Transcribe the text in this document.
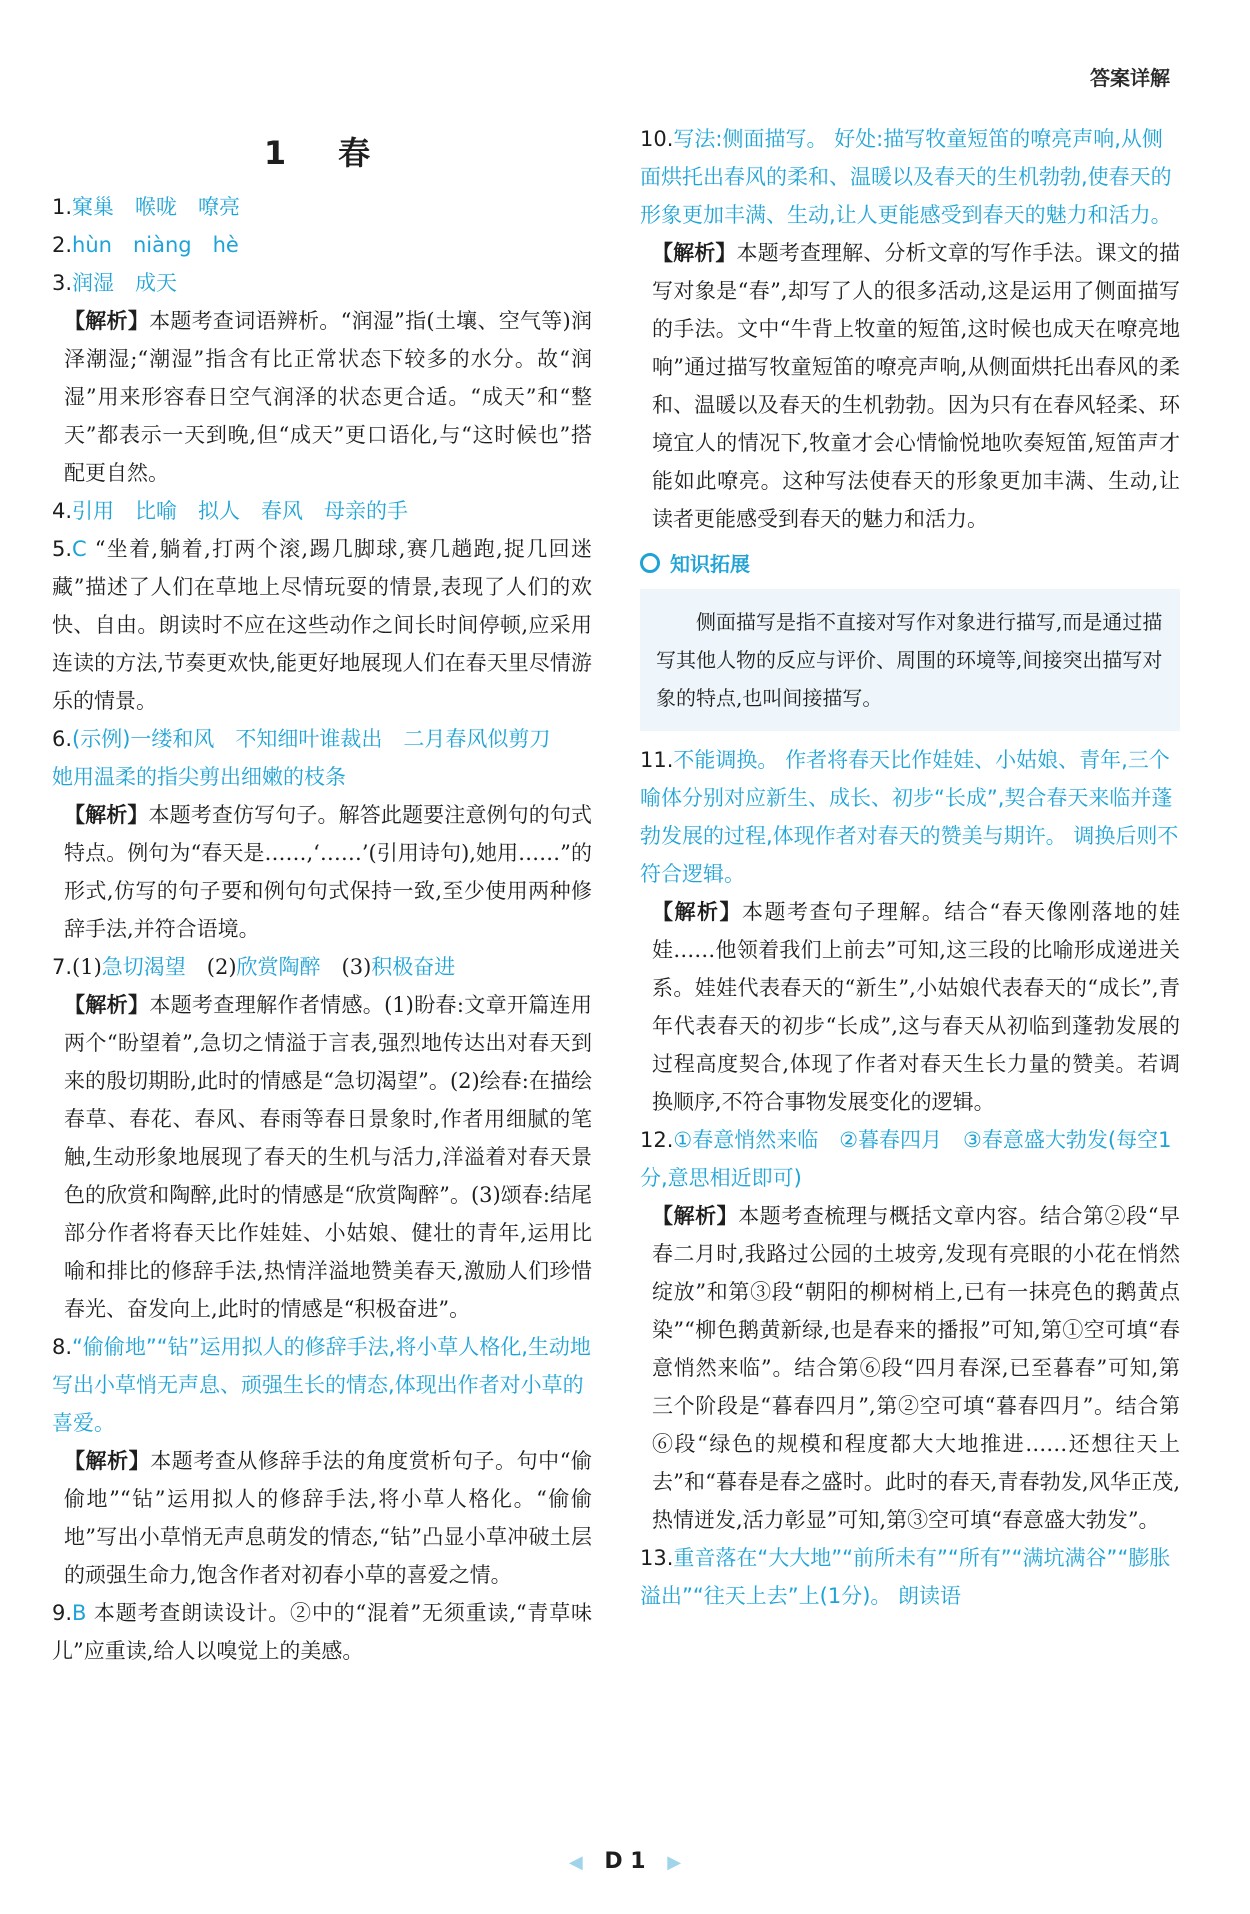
答案详解
1　春

1.窠巢　喉咙　嘹亮

2.hùn　niàng　hè

3.润湿　成天

【解析】本题考查词语辨析。“润湿”指(土壤、空气等)润泽潮湿;“潮湿”指含有比正常状态下较多的水分。故“润湿”用来形容春日空气润泽的状态更合适。“成天”和“整天”都表示一天到晚,但“成天”更口语化,与“这时候也”搭配更自然。

4.引用　比喻　拟人　春风　母亲的手

5.C “坐着,躺着,打两个滚,踢几脚球,赛几趟跑,捉几回迷藏”描述了人们在草地上尽情玩耍的情景,表现了人们的欢快、自由。朗读时不应在这些动作之间长时间停顿,应采用连读的方法,节奏更欢快,能更好地展现人们在春天里尽情游乐的情景。

6.(示例)一缕和风　不知细叶谁裁出　二月春风似剪刀　她用温柔的指尖剪出细嫩的枝条

【解析】本题考查仿写句子。解答此题要注意例句的句式特点。例句为“春天是……,‘……’(引用诗句),她用……”的形式,仿写的句子要和例句句式保持一致,至少使用两种修辞手法,并符合语境。

7.(1)急切渴望　(2)欣赏陶醉　(3)积极奋进

【解析】本题考查理解作者情感。(1)盼春:文章开篇连用两个“盼望着”,急切之情溢于言表,强烈地传达出对春天到来的殷切期盼,此时的情感是“急切渴望”。(2)绘春:在描绘春草、春花、春风、春雨等春日景象时,作者用细腻的笔触,生动形象地展现了春天的生机与活力,洋溢着对春天景色的欣赏和陶醉,此时的情感是“欣赏陶醉”。(3)颂春:结尾部分作者将春天比作娃娃、小姑娘、健壮的青年,运用比喻和排比的修辞手法,热情洋溢地赞美春天,激励人们珍惜春光、奋发向上,此时的情感是“积极奋进”。

8.“偷偷地”“钻”运用拟人的修辞手法,将小草人格化,生动地写出小草悄无声息、顽强生长的情态,体现出作者对小草的喜爱。

【解析】本题考查从修辞手法的角度赏析句子。句中“偷偷地”“钻”运用拟人的修辞手法,将小草人格化。“偷偷地”写出小草悄无声息萌发的情态,“钻”凸显小草冲破土层的顽强生命力,饱含作者对初春小草的喜爱之情。

9.B 本题考查朗读设计。②中的“混着”无须重读,“青草味儿”应重读,给人以嗅觉上的美感。

10.写法:侧面描写。 好处:描写牧童短笛的嘹亮声响,从侧面烘托出春风的柔和、温暖以及春天的生机勃勃,使春天的形象更加丰满、生动,让人更能感受到春天的魅力和活力。

【解析】本题考查理解、分析文章的写作手法。课文的描写对象是“春”,却写了人的很多活动,这是运用了侧面描写的手法。文中“牛背上牧童的短笛,这时候也成天在嘹亮地响”通过描写牧童短笛的嘹亮声响,从侧面烘托出春风的柔和、温暖以及春天的生机勃勃。因为只有在春风轻柔、环境宜人的情况下,牧童才会心情愉悦地吹奏短笛,短笛声才能如此嘹亮。这种写法使春天的形象更加丰满、生动,让读者更能感受到春天的魅力和活力。
知识拓展
侧面描写是指不直接对写作对象进行描写,而是通过描写其他人物的反应与评价、周围的环境等,间接突出描写对象的特点,也叫间接描写。

11.不能调换。 作者将春天比作娃娃、小姑娘、青年,三个喻体分别对应新生、成长、初步“长成”,契合春天来临并蓬勃发展的过程,体现作者对春天的赞美与期许。 调换后则不符合逻辑。

【解析】本题考查句子理解。结合“春天像刚落地的娃娃……他领着我们上前去”可知,这三段的比喻形成递进关系。娃娃代表春天的“新生”,小姑娘代表春天的“成长”,青年代表春天的初步“长成”,这与春天从初临到蓬勃发展的过程高度契合,体现了作者对春天生长力量的赞美。若调换顺序,不符合事物发展变化的逻辑。

12.①春意悄然来临　②暮春四月　③春意盛大勃发(每空1分,意思相近即可)

【解析】本题考查梳理与概括文章内容。结合第②段“早春二月时,我路过公园的土坡旁,发现有亮眼的小花在悄然绽放”和第③段“朝阳的柳树梢上,已有一抹亮色的鹅黄点染”“柳色鹅黄新绿,也是春来的播报”可知,第①空可填“春意悄然来临”。结合第⑥段“四月春深,已至暮春”可知,第三个阶段是“暮春四月”,第②空可填“暮春四月”。结合第⑥段“绿色的规模和程度都大大地推进……还想往天上去”和“暮春是春之盛时。此时的春天,青春勃发,风华正茂,热情迸发,活力彰显”可知,第③空可填“春意盛大勃发”。

13.重音落在“大大地”“前所未有”“所有”“满坑满谷”“膨胀溢出”“往天上去”上(1分)。 朗读语

◀ D 1 ▶
